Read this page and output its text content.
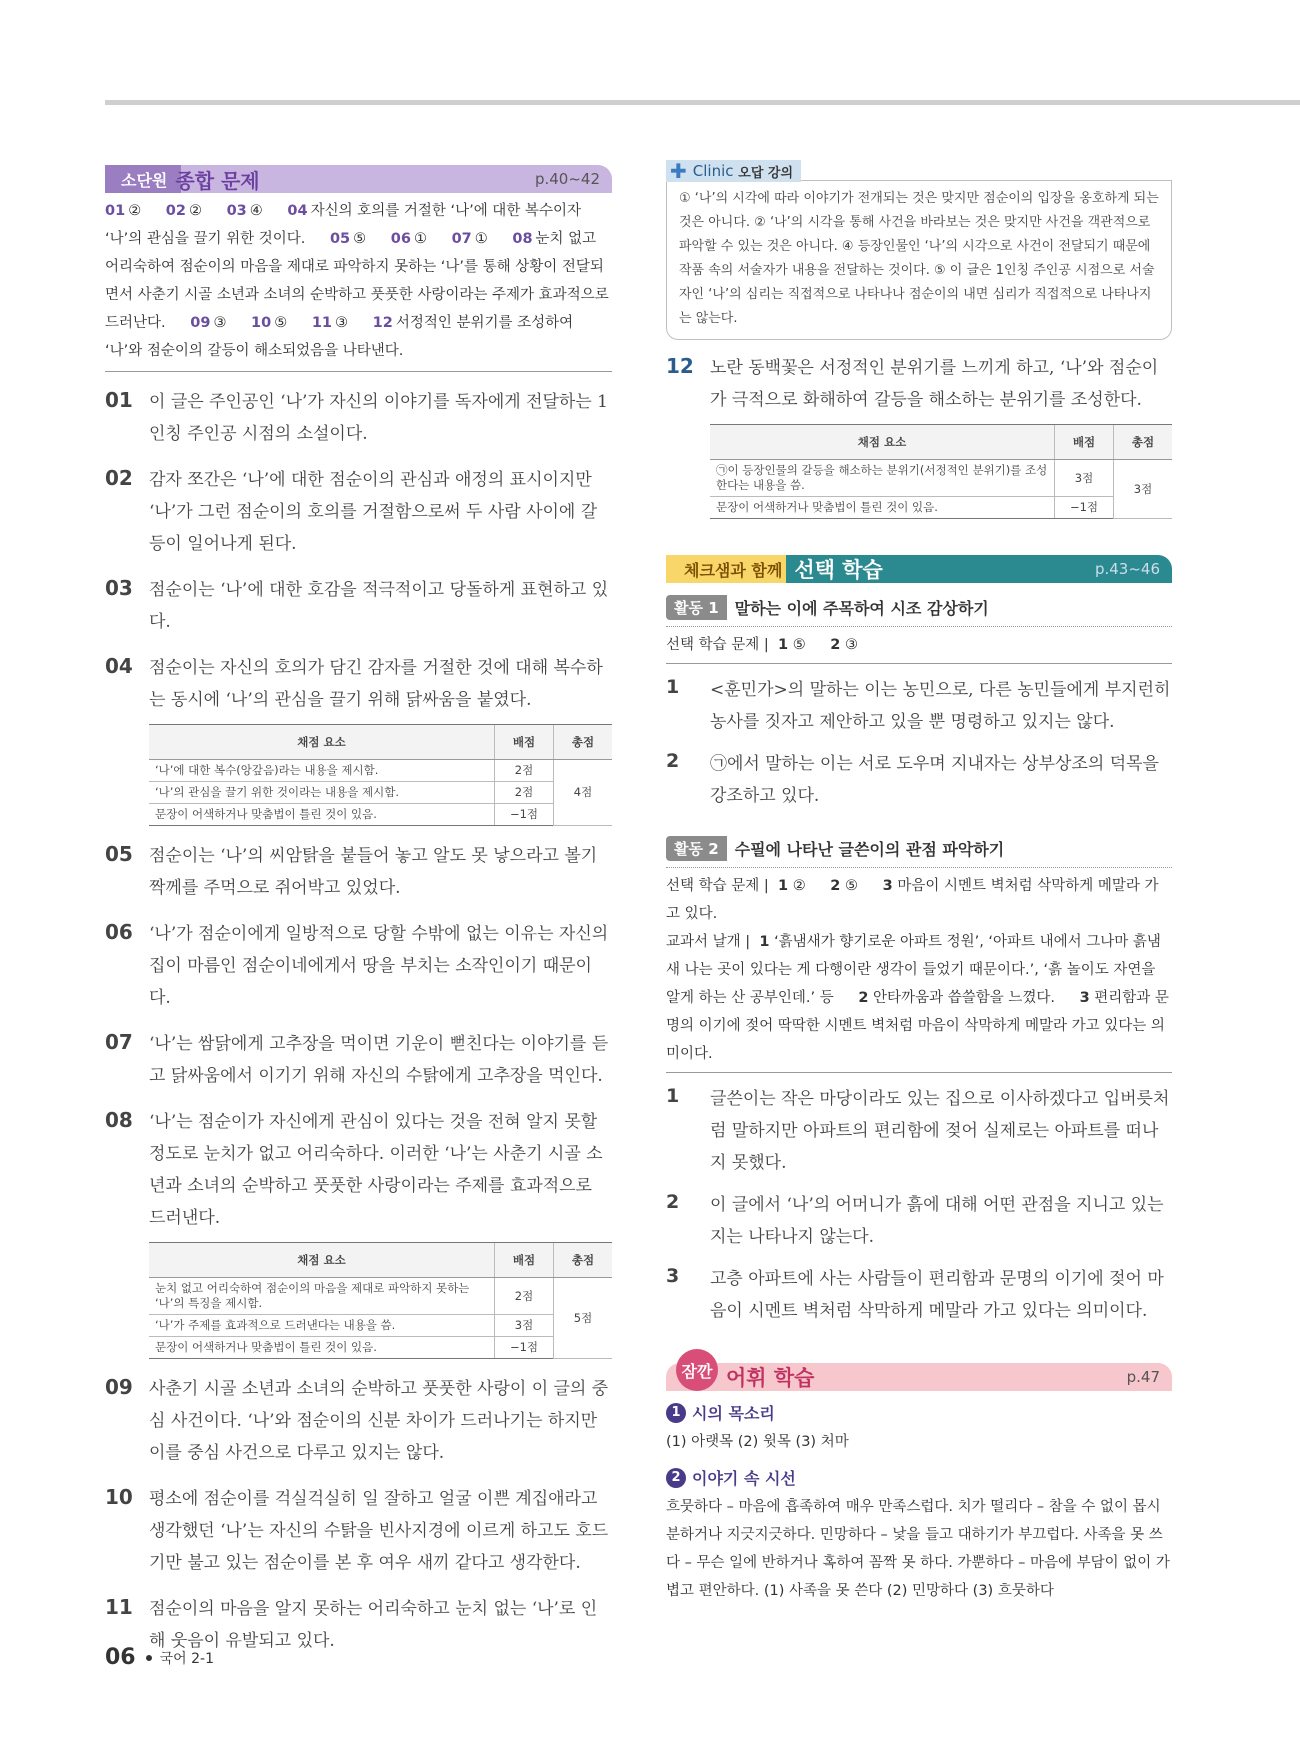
소단원 종합 문제	p.40~42
01 ② 02 ② 03 ④ 04 자신의 호의를 거절한 ‘나’에 대한 복수이자 ‘나’의 관심을 끌기 위한 것이다. 05 ⑤ 06 ① 07 ① 08 눈치 없고 어리숙하여 점순이의 마음을 제대로 파악하지 못하는 ‘나’를 통해 상황이 전달되면서 사춘기 시골 소년과 소녀의 순박하고 풋풋한 사랑이라는 주제가 효과적으로 드러난다. 09 ③ 10 ⑤ 11 ③ 12 서정적인 분위기를 조성하여 ‘나’와 점순이의 갈등이 해소되었음을 나타낸다.
01 이 글은 주인공인 ‘나’가 자신의 이야기를 독자에게 전달하는 1인칭 주인공 시점의 소설이다.
02 감자 쪼간은 ‘나’에 대한 점순이의 관심과 애정의 표시이지만 ‘나’가 그런 점순이의 호의를 거절함으로써 두 사람 사이에 갈등이 일어나게 된다.
03 점순이는 ‘나’에 대한 호감을 적극적이고 당돌하게 표현하고 있다.
04 점순이는 자신의 호의가 담긴 감자를 거절한 것에 대해 복수하는 동시에 ‘나’의 관심을 끌기 위해 닭싸움을 붙였다.
채점 요소	배점	총점
‘나’에 대한 복수(앙갚음)라는 내용을 제시함.	2점	4점
‘나’의 관심을 끌기 위한 것이라는 내용을 제시함.	2점	
문장이 어색하거나 맞춤법이 틀린 것이 있음.	−1점	
05 점순이는 ‘나’의 씨암탉을 붙들어 놓고 알도 못 낳으라고 볼기짝께를 주먹으로 쥐어박고 있었다.
06 ‘나’가 점순이에게 일방적으로 당할 수밖에 없는 이유는 자신의 집이 마름인 점순이네에게서 땅을 부치는 소작인이기 때문이다.
07 ‘나’는 쌈닭에게 고추장을 먹이면 기운이 뻗친다는 이야기를 듣고 닭싸움에서 이기기 위해 자신의 수탉에게 고추장을 먹인다.
08 ‘나’는 점순이가 자신에게 관심이 있다는 것을 전혀 알지 못할 정도로 눈치가 없고 어리숙하다. 이러한 ‘나’는 사춘기 시골 소년과 소녀의 순박하고 풋풋한 사랑이라는 주제를 효과적으로 드러낸다.
채점 요소	배점	총점
눈치 없고 어리숙하여 점순이의 마음을 제대로 파악하지 못하는 ‘나’의 특징을 제시함.	2점	5점
‘나’가 주제를 효과적으로 드러낸다는 내용을 씀.	3점	
문장이 어색하거나 맞춤법이 틀린 것이 있음.	−1점	
09 사춘기 시골 소년과 소녀의 순박하고 풋풋한 사랑이 이 글의 중심 사건이다. ‘나’와 점순이의 신분 차이가 드러나기는 하지만 이를 중심 사건으로 다루고 있지는 않다.
10 평소에 점순이를 걱실걱실히 일 잘하고 얼굴 이쁜 계집애라고 생각했던 ‘나’는 자신의 수탉을 빈사지경에 이르게 하고도 호드기만 불고 있는 점순이를 본 후 여우 새끼 같다고 생각한다.
11 점순이의 마음을 알지 못하는 어리숙하고 눈치 없는 ‘나’로 인해 웃음이 유발되고 있다.
✚ Clinic
오답 강의
① ‘나’의 시각에 따라 이야기가 전개되는 것은 맞지만 점순이의 입장을 옹호하게 되는 것은 아니다. ② ‘나’의 시각을 통해 사건을 바라보는 것은 맞지만 사건을 객관적으로 파악할 수 있는 것은 아니다. ④ 등장인물인 ‘나’의 시각으로 사건이 전달되기 때문에 작품 속의 서술자가 내용을 전달하는 것이다. ⑤ 이 글은 1인칭 주인공 시점으로 서술자인 ‘나’의 심리는 직접적으로 나타나나 점순이의 내면 심리가 직접적으로 나타나지는 않는다.
12 노란 동백꽃은 서정적인 분위기를 느끼게 하고, ‘나’와 점순이가 극적으로 화해하여 갈등을 해소하는 분위기를 조성한다.
채점 요소	배점	총점
㉠이 등장인물의 갈등을 해소하는 분위기(서정적인 분위기)를 조성한다는 내용을 씀.	3점	3점
문장이 어색하거나 맞춤법이 틀린 것이 있음.	−1점	
체크샘과 함께 선택 학습	p.43~46
활동 1	말하는 이에 주목하여 시조 감상하기
선택 학습 문제 | 1 ⑤ 2 ③
1	<훈민가>의 말하는 이는 농민으로, 다른 농민들에게 부지런히 농사를 짓자고 제안하고 있을 뿐 명령하고 있지는 않다.
2	㉠에서 말하는 이는 서로 도우며 지내자는 상부상조의 덕목을 강조하고 있다.
활동 2	수필에 나타난 글쓴이의 관점 파악하기
선택 학습 문제 | 1 ② 2 ⑤ 3 마음이 시멘트 벽처럼 삭막하게 메말라 가고 있다.
교과서 날개 | 1 ‘흙냄새가 향기로운 아파트 정원’, ‘아파트 내에서 그나마 흙냄새 나는 곳이 있다는 게 다행이란 생각이 들었기 때문이다.’, ‘흙 놀이도 자연을 알게 하는 산 공부인데.’ 등 2 안타까움과 씁쓸함을 느꼈다. 3 편리함과 문명의 이기에 젖어 딱딱한 시멘트 벽처럼 마음이 삭막하게 메말라 가고 있다는 의미이다.
1	글쓴이는 작은 마당이라도 있는 집으로 이사하겠다고 입버릇처럼 말하지만 아파트의 편리함에 젖어 실제로는 아파트를 떠나지 못했다.
2	이 글에서 ‘나’의 어머니가 흙에 대해 어떤 관점을 지니고 있는지는 나타나지 않는다.
3	고층 아파트에 사는 사람들이 편리함과 문명의 이기에 젖어 마음이 시멘트 벽처럼 삭막하게 메말라 가고 있다는 의미이다.
잠깐 어휘 학습	p.47
1 시의 목소리
(1) 아랫목 (2) 윗목 (3) 처마
2 이야기 속 시선
흐뭇하다 – 마음에 흡족하여 매우 만족스럽다. 치가 떨리다 – 참을 수 없이 몹시 분하거나 지긋지긋하다. 민망하다 – 낯을 들고 대하기가 부끄럽다. 사족을 못 쓰다 – 무슨 일에 반하거나 혹하여 꼼짝 못 하다. 가뿐하다 – 마음에 부담이 없이 가볍고 편안하다. (1) 사족을 못 쓴다 (2) 민망하다 (3) 흐뭇하다
06 국어 2-1
